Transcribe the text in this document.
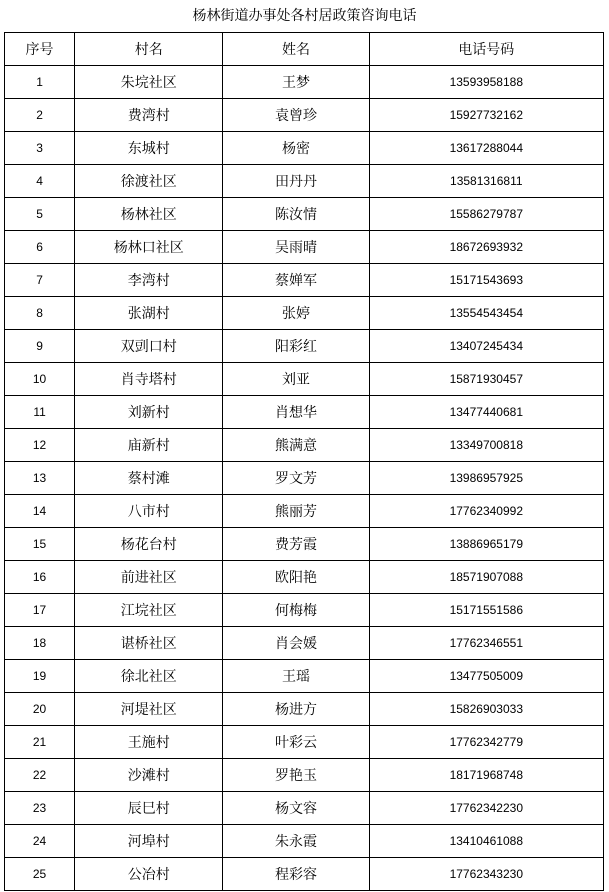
杨林街道办事处各村居政策咨询电话
序号	村名	姓名	电话号码
1	朱垸社区	王梦	13593958188
2	费湾村	袁曾珍	15927732162
3	东城村	杨密	13617288044
4	徐渡社区	田丹丹	13581316811
5	杨林社区	陈汝情	15586279787
6	杨林口社区	吴雨晴	18672693932
7	李湾村	蔡婵军	15171543693
8	张湖村	张婷	13554543454
9	双剅口村	阳彩红	13407245434
10	肖寺塔村	刘亚	15871930457
11	刘新村	肖想华	13477440681
12	庙新村	熊满意	13349700818
13	蔡村滩	罗文芳	13986957925
14	八市村	熊丽芳	17762340992
15	杨花台村	费芳霞	13886965179
16	前进社区	欧阳艳	18571907088
17	江垸社区	何梅梅	15171551586
18	谌桥社区	肖会媛	17762346551
19	徐北社区	王瑶	13477505009
20	河堤社区	杨进方	15826903033
21	王施村	叶彩云	17762342779
22	沙滩村	罗艳玉	18171968748
23	辰巳村	杨文容	17762342230
24	河埠村	朱永霞	13410461088
25	公冶村	程彩容	17762343230
